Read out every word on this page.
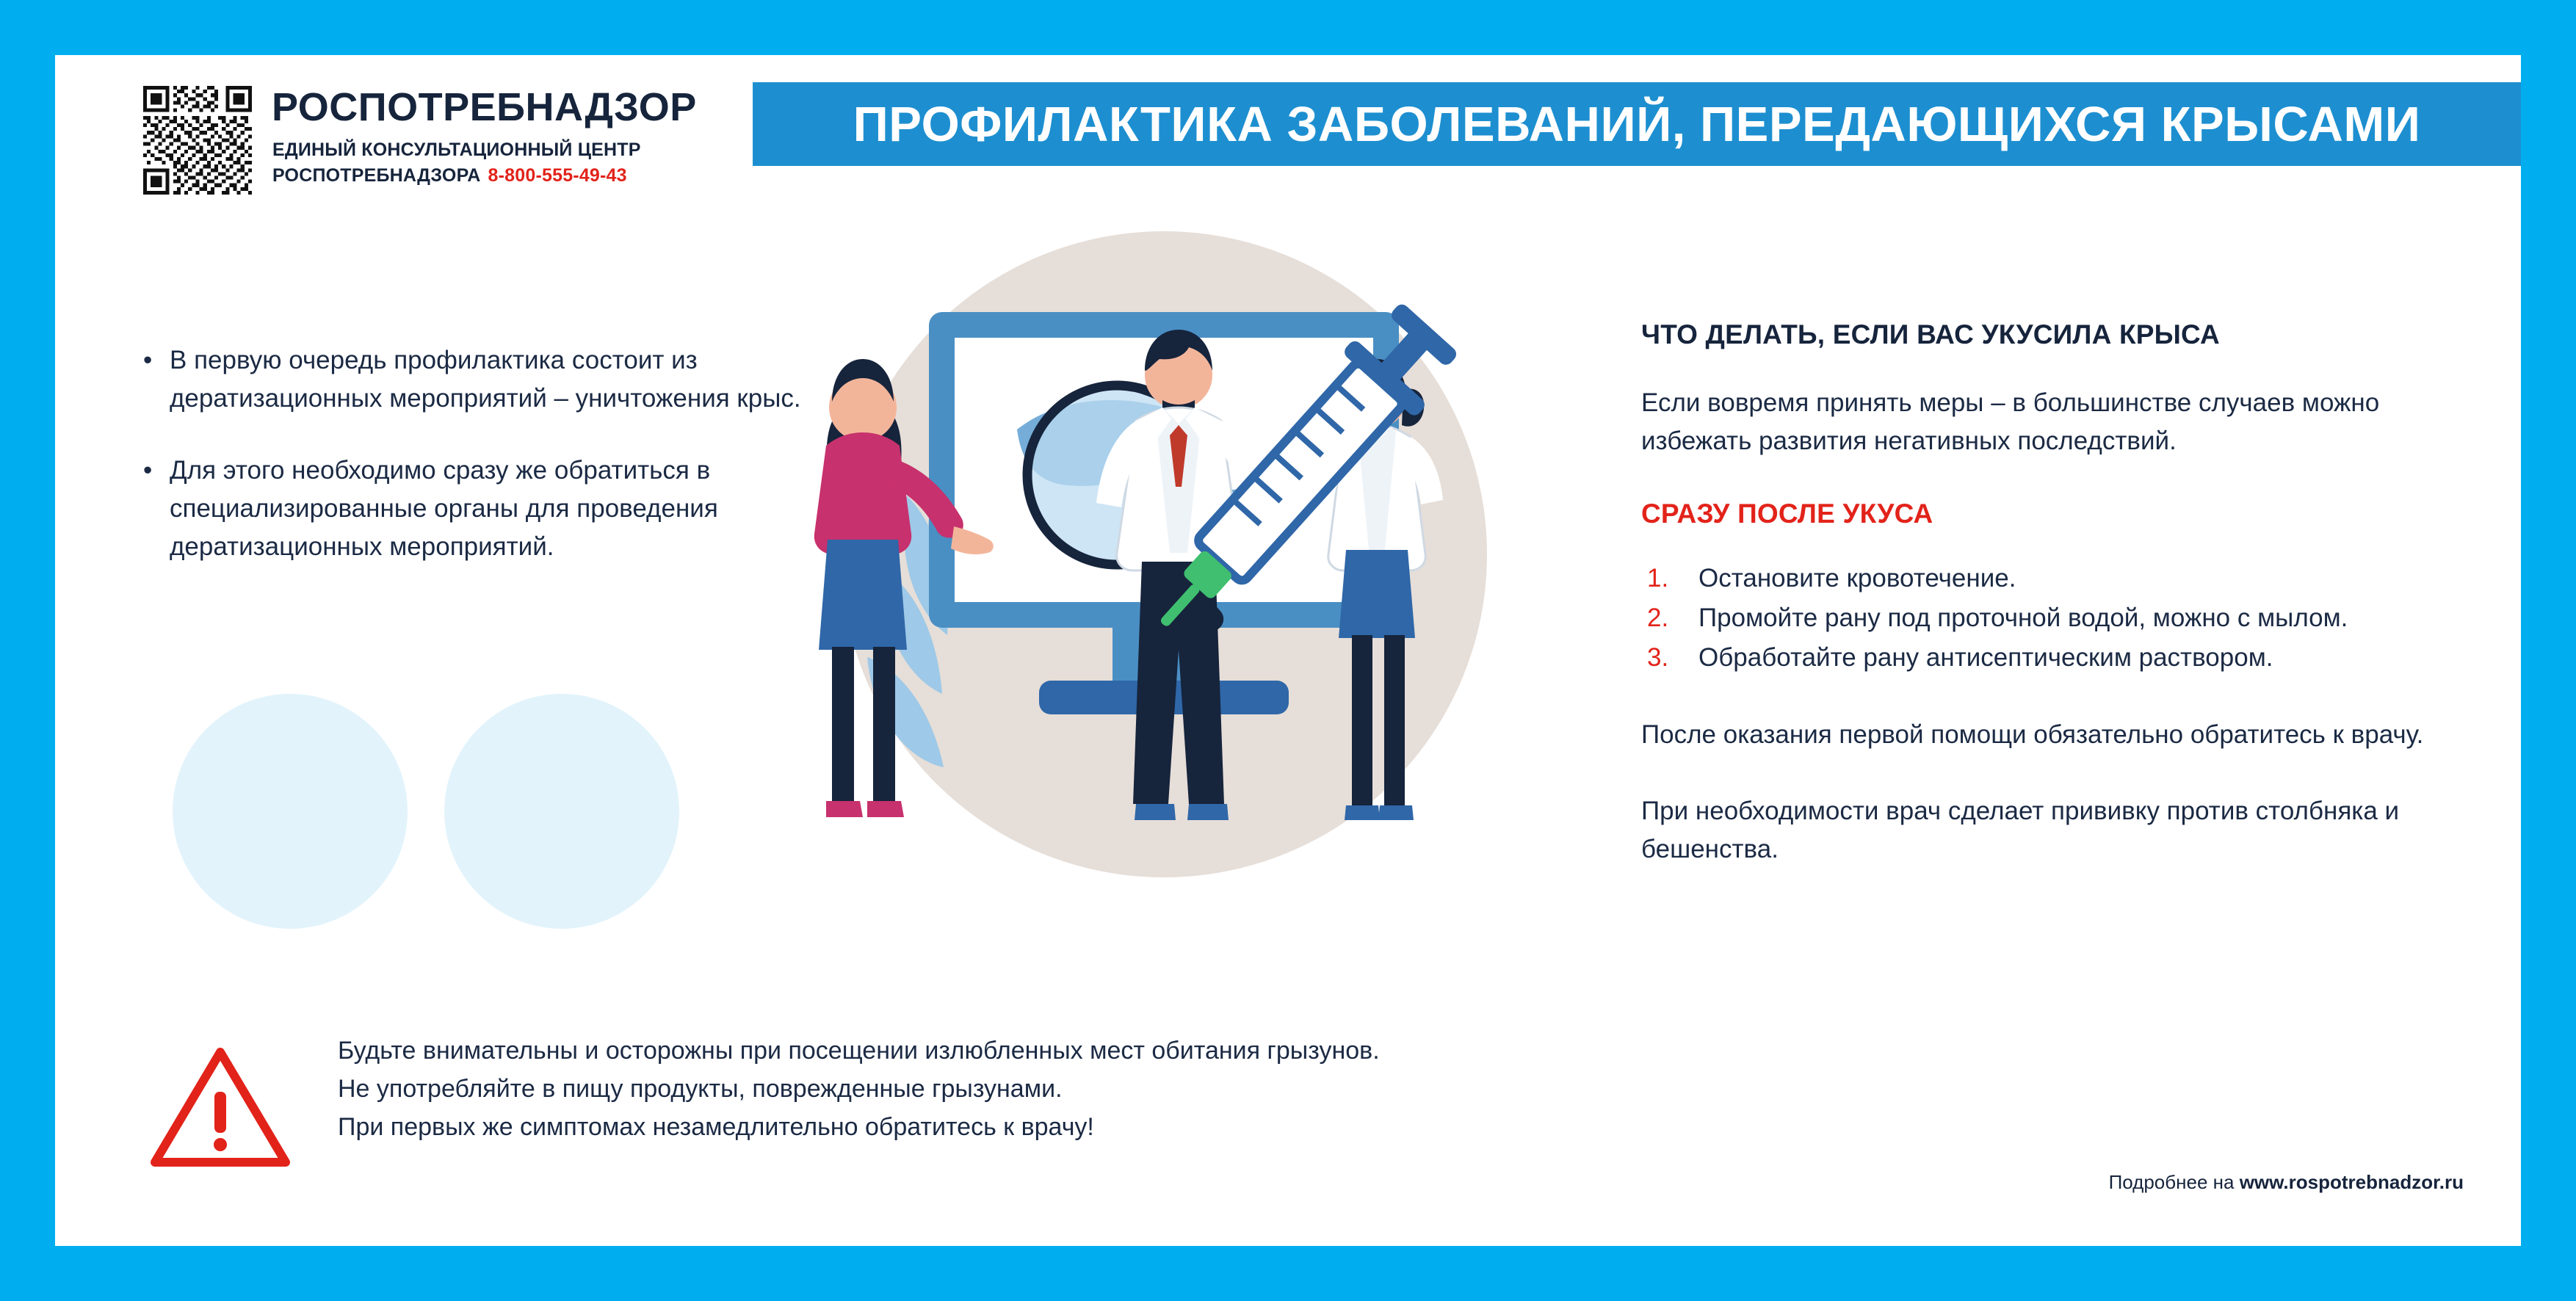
РОСПОТРЕБНАДЗОР
ЕДИНЫЙ КОНСУЛЬТАЦИОННЫЙ ЦЕНТР
РОСПОТРЕБНАДЗОРА 8-800-555-49-43
ПРОФИЛАКТИКА ЗАБОЛЕВАНИЙ, ПЕРЕДАЮЩИХСЯ КРЫСАМИ
• В первую очередь профилактика состоит из дератизационных мероприятий – уничтожения крыс.
• Для этого необходимо сразу же обратиться в специализированные органы для проведения дератизационных мероприятий.
Будьте внимательны и осторожны при посещении излюбленных мест обитания грызунов.
Не употребляйте в пищу продукты, поврежденные грызунами.
При первых же симптомах незамедлительно обратитесь к врачу!
ЧТО ДЕЛАТЬ, ЕСЛИ ВАС УКУСИЛА КРЫСА
Если вовремя принять меры – в большинстве случаев можно избежать развития негативных последствий.
СРАЗУ ПОСЛЕ УКУСА
1. Остановите кровотечение.
2. Промойте рану под проточной водой, можно с мылом.
3. Обработайте рану антисептическим раствором.
После оказания первой помощи обязательно обратитесь к врачу.
При необходимости врач сделает прививку против столбняка и бешенства.
Подробнее на www.rospotrebnadzor.ru
